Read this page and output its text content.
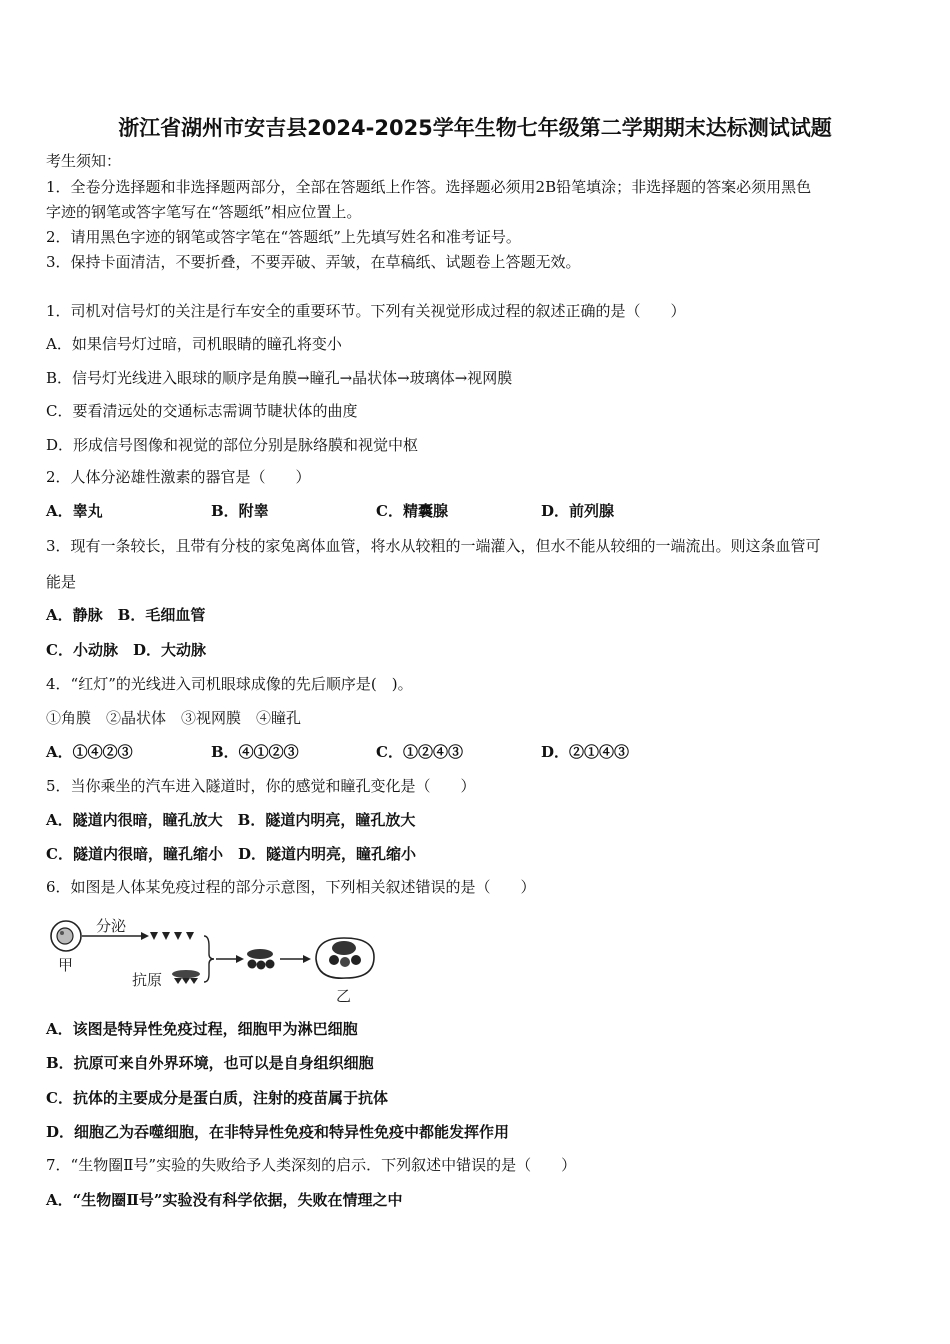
浙江省湖州市安吉县2024-2025学年生物七年级第二学期期末达标测试试题
考生须知：
1．全卷分选择题和非选择题两部分，全部在答题纸上作答。选择题必须用2B铅笔填涂；非选择题的答案必须用黑色
字迹的钢笔或答字笔写在“答题纸”相应位置上。
2．请用黑色字迹的钢笔或答字笔在“答题纸”上先填写姓名和准考证号。
3．保持卡面清洁，不要折叠，不要弄破、弄皱，在草稿纸、试题卷上答题无效。
1．司机对信号灯的关注是行车安全的重要环节。下列有关视觉形成过程的叙述正确的是（　　）
A．如果信号灯过暗，司机眼睛的瞳孔将变小
B．信号灯光线进入眼球的顺序是角膜→瞳孔→晶状体→玻璃体→视网膜
C．要看清远处的交通标志需调节睫状体的曲度
D．形成信号图像和视觉的部位分别是脉络膜和视觉中枢
2．人体分泌雄性激素的器官是（　　）
A．睾丸	B．附睾	C．精囊腺	D．前列腺
3．现有一条较长，且带有分枝的家兔离体血管，将水从较粗的一端灌入，但水不能从较细的一端流出。则这条血管可
能是
A．静脉　B．毛细血管
C．小动脉　D．大动脉
4．“红灯”的光线进入司机眼球成像的先后顺序是(　)。
①角膜　②晶状体　③视网膜　④瞳孔
A．①④②③	B．④①②③	C．①②④③	D．②①④③
5．当你乘坐的汽车进入隧道时，你的感觉和瞳孔变化是（　　）
A．隧道内很暗，瞳孔放大　B．隧道内明亮，瞳孔放大
C．隧道内很暗，瞳孔缩小　D．隧道内明亮，瞳孔缩小
6．如图是人体某免疫过程的部分示意图，下列相关叙述错误的是（　　）
甲
分泌
抗原
乙
A．该图是特异性免疫过程，细胞甲为淋巴细胞
B．抗原可来自外界环境，也可以是自身组织细胞
C．抗体的主要成分是蛋白质，注射的疫苗属于抗体
D．细胞乙为吞噬细胞，在非特异性免疫和特异性免疫中都能发挥作用
7．“生物圈Ⅱ号”实验的失败给予人类深刻的启示．下列叙述中错误的是（　　）
A．“生物圈Ⅱ号”实验没有科学依据，失败在情理之中
